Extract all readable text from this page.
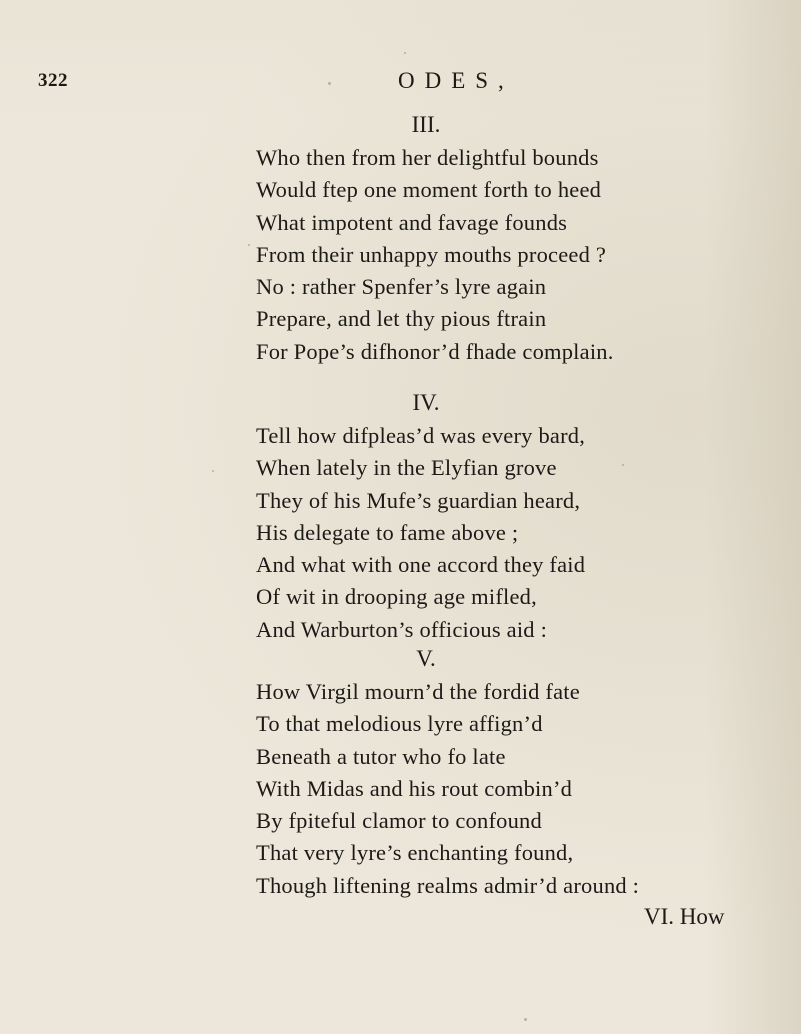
322	ODES,
III.
Who then from her delightful bounds
Would ftep one moment forth to heed
What impotent and favage founds
From their unhappy mouths proceed ?
No : rather Spenfer’s lyre again
Prepare, and let thy pious ftrain
For Pope’s difhonor’d fhade complain.
IV.
Tell how difpleas’d was every bard,
When lately in the Elyfian grove
They of his Mufe’s guardian heard,
His delegate to fame above ;
And what with one accord they faid
Of wit in drooping age mifled,
And Warburton’s officious aid :
V.
How Virgil mourn’d the fordid fate
To that melodious lyre affign’d
Beneath a tutor who fo late
With Midas and his rout combin’d
By fpiteful clamor to confound
That very lyre’s enchanting found,
Though liftening realms admir’d around :
VI. How
